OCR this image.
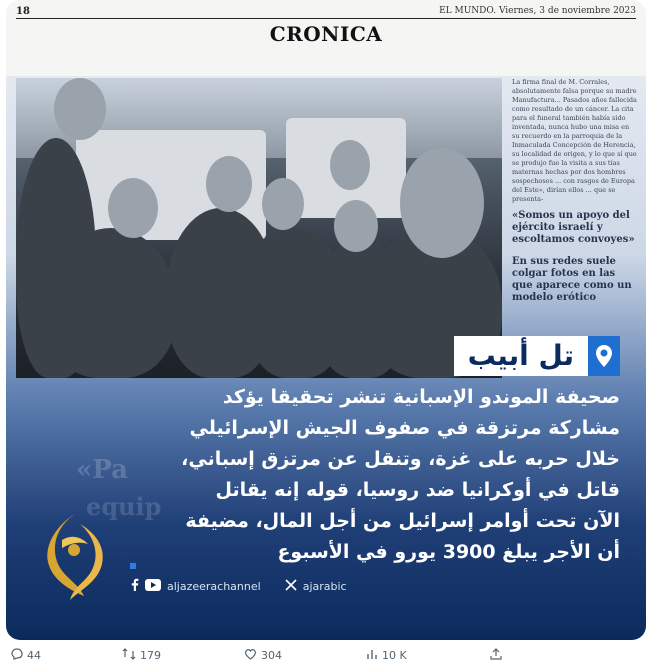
18	EL MUNDO. Viernes, 3 de noviembre 2023
CRONICA

La firma final de M. Corrales, absolutamente falsa porque su madre Manufactura... Pasados años fallecida como resultado de un cáncer. La cita para el funeral también había sido inventada, nunca hubo una misa en su recuerdo en la parroquia de la Inmaculada Concepción de Herencia, su localidad de origen, y lo que sí que se produjo fue la visita a sus tías maternas hechas por dos hombres sospechosos ... con rasgos de Europa del Este», dirían ellos ... que se presenta-

«Somos un apoyo del ejército israelí y escoltamos convoyes»
En sus redes suele colgar fotos en las que aparece como un modelo erótico
«Pa
equip
تل أبيب
صحيفة الموندو الإسبانية تنشر تحقيقا يؤكد
مشاركة مرتزقة في صفوف الجيش الإسرائيلي
خلال حربه على غزة، وتنقل عن مرتزق إسباني،
قاتل في أوكرانيا ضد روسيا، قوله إنه يقاتل
الآن تحت أوامر إسرائيل من أجل المال، مضيفة
أن الأجر يبلغ 3900 يورو في الأسبوع
aljazeerachannel	ajarabic
44	179	304	10 K
